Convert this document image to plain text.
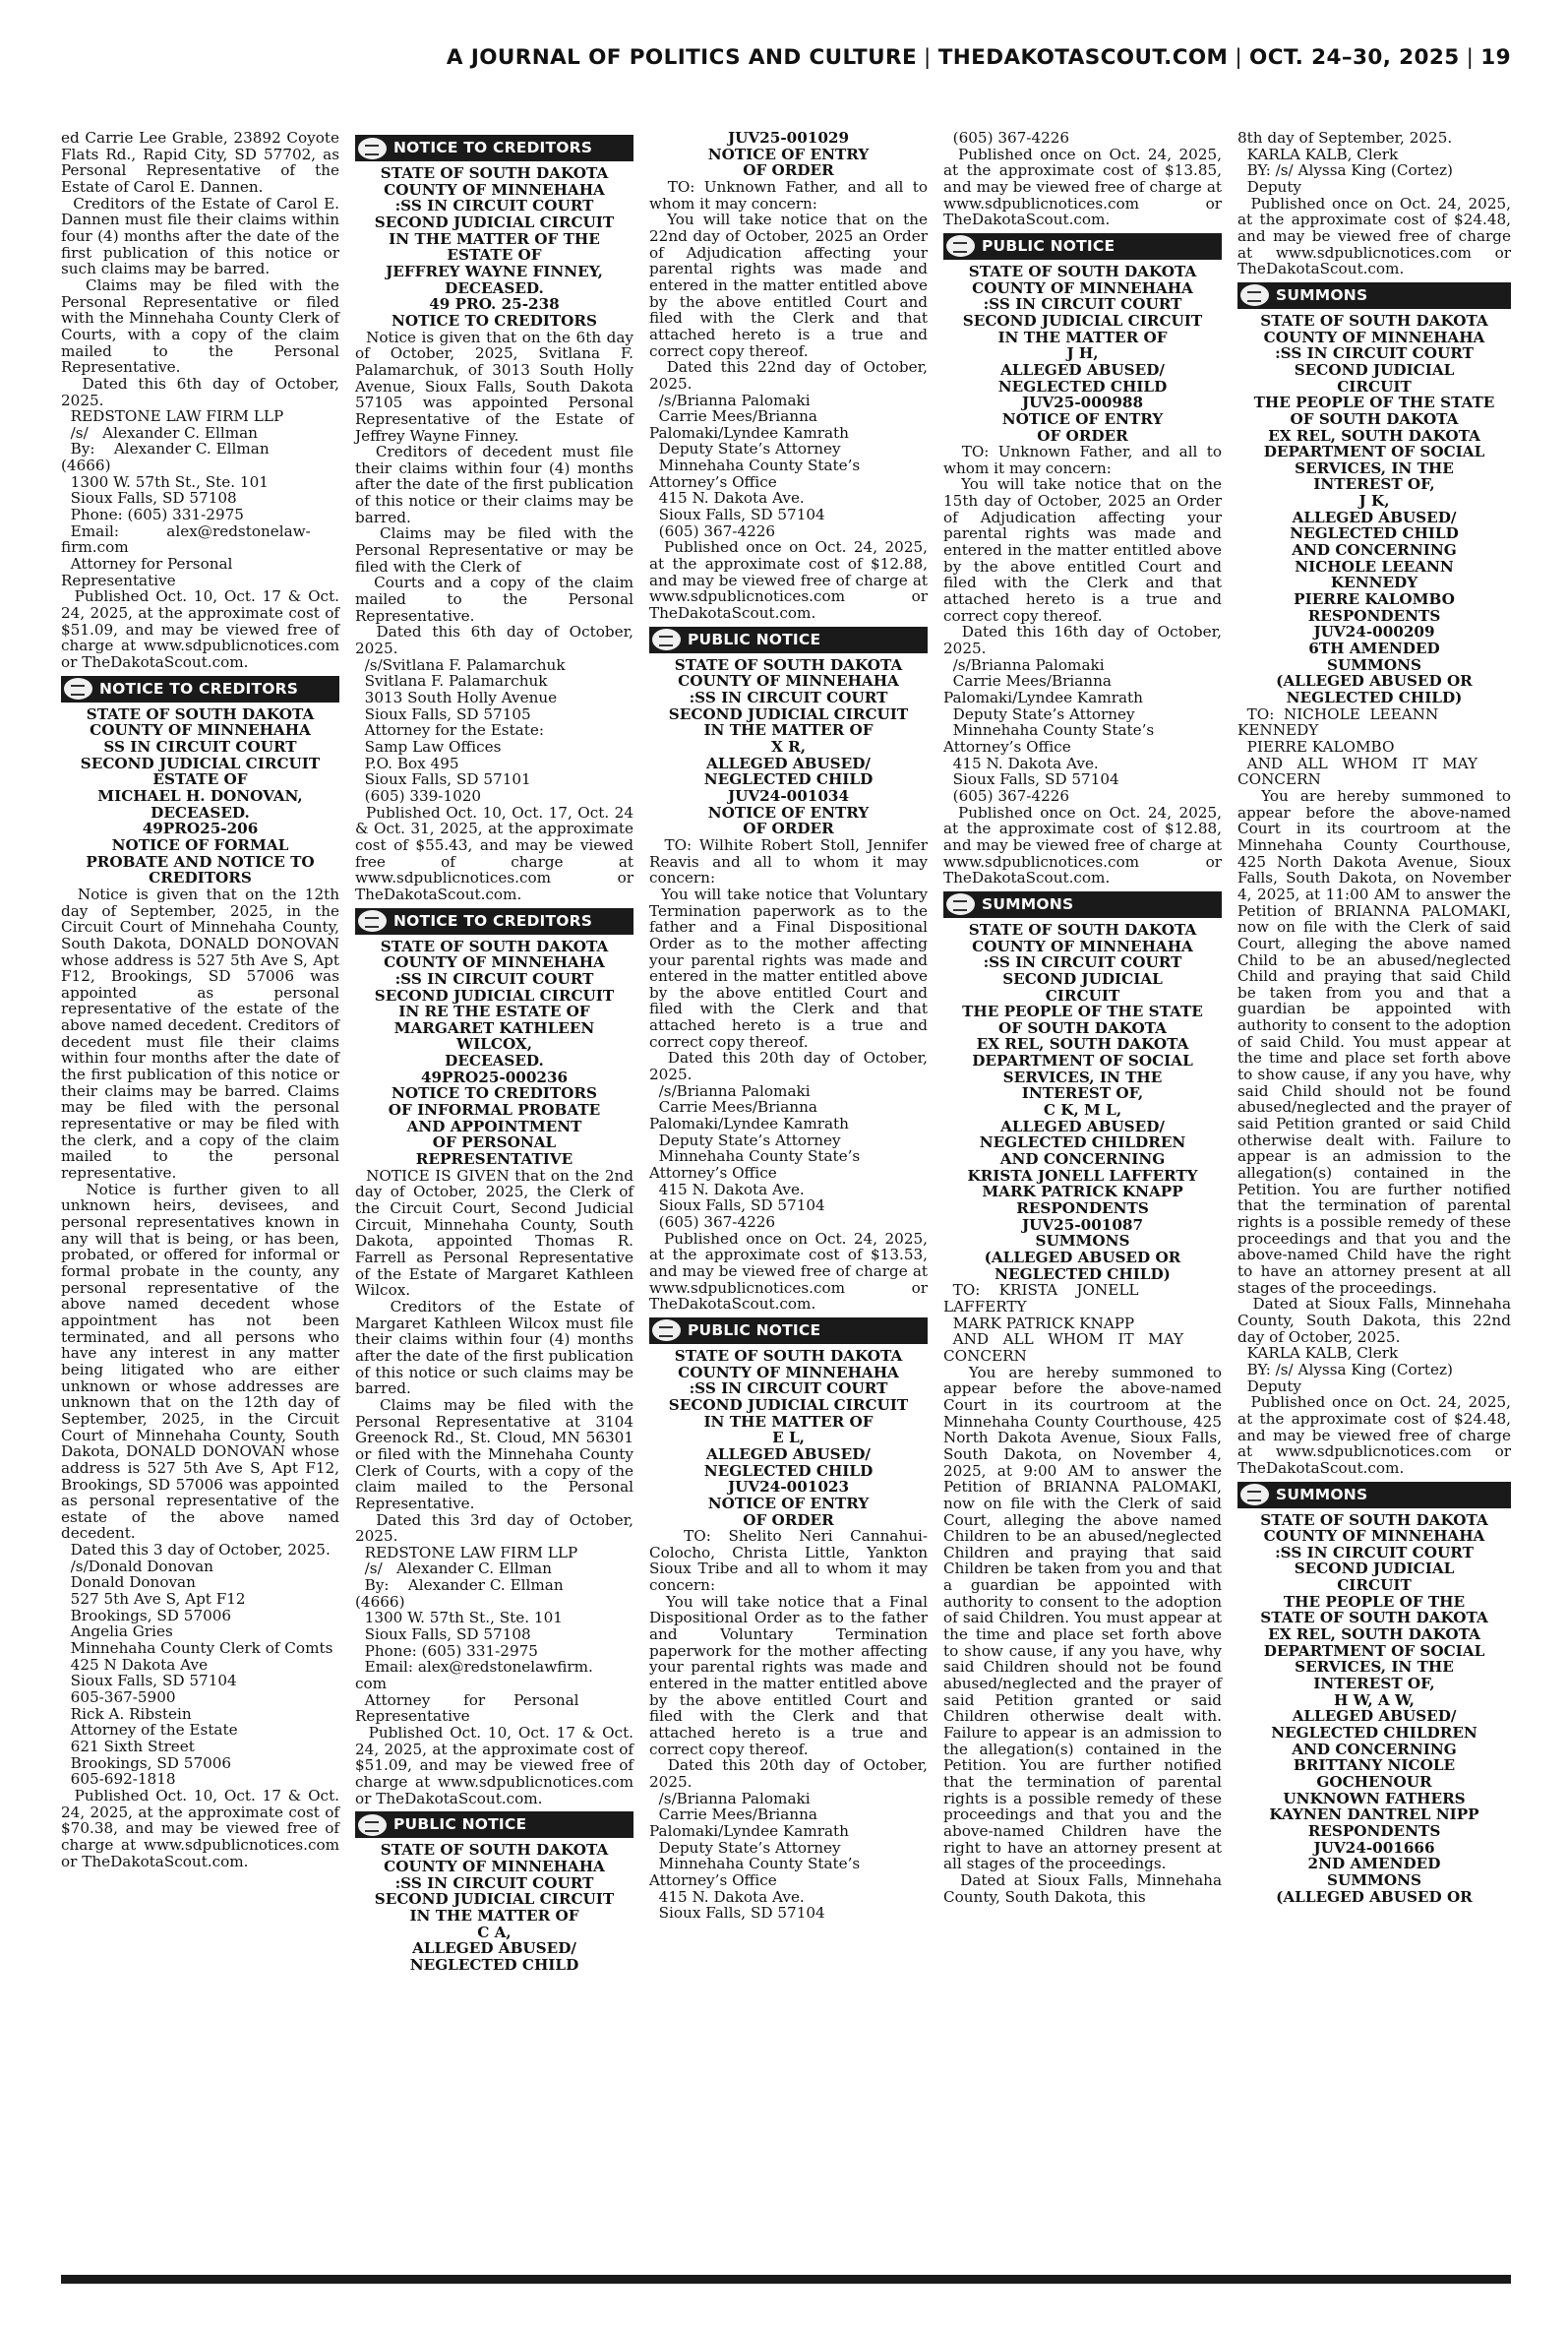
A JOURNAL OF POLITICS AND CULTURE | THEDAKOTASCOUT.COM | OCT. 24–30, 2025 | 19
ed Carrie Lee Grable, 23892 Coyote Flats Rd., Rapid City, SD 57702, as Personal Representative of the Estate of Carol E. Dannen.
Creditors of the Estate of Carol E. Dannen must file their claims within four (4) months after the date of the first publication of this notice or such claims may be barred.
Claims may be filed with the Personal Representative or filed with the Minnehaha County Clerk of Courts, with a copy of the claim mailed to the Personal Representative.
Dated this 6th day of October, 2025.
REDSTONE LAW FIRM LLP
/s/   Alexander C. Ellman
By:    Alexander C. Ellman
(4666)
1300 W. 57th St., Ste. 101
Sioux Falls, SD 57108
Phone: (605) 331-2975
Email:          alex@redstonelaw-
firm.com
Attorney for Personal Representative
Published Oct. 10, Oct. 17 & Oct. 24, 2025, at the approximate cost of $51.09, and may be viewed free of charge at www.sdpublicnotices.com or TheDakotaScout.com.
NOTICE TO CREDITORS
STATE OF SOUTH DAKOTA
COUNTY OF MINNEHAHA
SS IN CIRCUIT COURT
SECOND JUDICIAL CIRCUIT
ESTATE OF
MICHAEL H. DONOVAN,
DECEASED.
49PRO25-206
NOTICE OF FORMAL
PROBATE AND NOTICE TO
CREDITORS
Notice is given that on the 12th day of September, 2025, in the Circuit Court of Minnehaha County, South Dakota, DONALD DONOVAN whose address is 527 5th Ave S, Apt F12, Brookings, SD 57006 was appointed as personal representative of the estate of the above named decedent. Creditors of decedent must file their claims within four months after the date of the first publication of this notice or their claims may be barred. Claims may be filed with the personal representative or may be filed with the clerk, and a copy of the claim mailed to the personal representative.
Notice is further given to all unknown heirs, devisees, and personal representatives known in any will that is being, or has been, probated, or offered for informal or formal probate in the county, any personal representative of the above named decedent whose appointment has not been terminated, and all persons who have any interest in any matter being litigated who are either unknown or whose addresses are unknown that on the 12th day of September, 2025, in the Circuit Court of Minnehaha County, South Dakota, DONALD DONOVAN whose address is 527 5th Ave S, Apt F12, Brookings, SD 57006 was appointed as personal representative of the estate of the above named decedent.
Dated this 3 day of October, 2025.
/s/Donald Donovan
Donald Donovan
527 5th Ave S, Apt F12
Brookings, SD 57006
Angelia Gries
Minnehaha County Clerk of Comts
425 N Dakota Ave
Sioux Falls, SD 57104
605-367-5900
Rick A. Ribstein
Attorney of the Estate
621 Sixth Street
Brookings, SD 57006
605-692-1818
Published Oct. 10, Oct. 17 & Oct. 24, 2025, at the approximate cost of $70.38, and may be viewed free of charge at www.sdpublicnotices.com or TheDakotaScout.com.
NOTICE TO CREDITORS
STATE OF SOUTH DAKOTA
COUNTY OF MINNEHAHA
:SS IN CIRCUIT COURT
SECOND JUDICIAL CIRCUIT
IN THE MATTER OF THE
ESTATE OF
JEFFREY WAYNE FINNEY,
DECEASED.
49 PRO. 25-238
NOTICE TO CREDITORS
Notice is given that on the 6th day of October, 2025, Svitlana F. Palamarchuk, of 3013 South Holly Avenue, Sioux Falls, South Dakota 57105 was appointed Personal Representative of the Estate of Jeffrey Wayne Finney.
Creditors of decedent must file their claims within four (4) months after the date of the first publication of this notice or their claims may be barred.
Claims may be filed with the Personal Representative or may be filed with the Clerk of
Courts and a copy of the claim mailed to the Personal Representative.
Dated this 6th day of October, 2025.
/s/Svitlana F. Palamarchuk
Svitlana F. Palamarchuk
3013 South Holly Avenue
Sioux Falls, SD 57105
Attorney for the Estate:
Samp Law Offices
P.O. Box 495
Sioux Falls, SD 57101
(605) 339-1020
Published Oct. 10, Oct. 17, Oct. 24 & Oct. 31, 2025, at the approximate cost of $55.43, and may be viewed free of charge at www.sdpublicnotices.com or TheDakotaScout.com.
NOTICE TO CREDITORS
STATE OF SOUTH DAKOTA
COUNTY OF MINNEHAHA
:SS IN CIRCUIT COURT
SECOND JUDICIAL CIRCUIT
IN RE THE ESTATE OF
MARGARET KATHLEEN
WILCOX,
DECEASED.
49PRO25-000236
NOTICE TO CREDITORS
OF INFORMAL PROBATE
AND APPOINTMENT
OF PERSONAL
REPRESENTATIVE
NOTICE IS GIVEN that on the 2nd day of October, 2025, the Clerk of the Circuit Court, Second Judicial Circuit, Minnehaha County, South Dakota, appointed Thomas R. Farrell as Personal Representative of the Estate of Margaret Kathleen Wilcox.
Creditors of the Estate of Margaret Kathleen Wilcox must file their claims within four (4) months after the date of the first publication of this notice or such claims may be barred.
Claims may be filed with the Personal Representative at 3104 Greenock Rd., St. Cloud, MN 56301 or filed with the Minnehaha County Clerk of Courts, with a copy of the claim mailed to the Personal Representative.
Dated this 3rd day of October, 2025.
REDSTONE LAW FIRM LLP
/s/   Alexander C. Ellman
By:    Alexander C. Ellman
(4666)
1300 W. 57th St., Ste. 101
Sioux Falls, SD 57108
Phone: (605) 331-2975
Email: alex@redstonelawfirm.
com
Attorney       for      Personal
Representative
Published Oct. 10, Oct. 17 & Oct. 24, 2025, at the approximate cost of $51.09, and may be viewed free of charge at www.sdpublicnotices.com or TheDakotaScout.com.
PUBLIC NOTICE
STATE OF SOUTH DAKOTA
COUNTY OF MINNEHAHA
:SS IN CIRCUIT COURT
SECOND JUDICIAL CIRCUIT
IN THE MATTER OF
C A,
ALLEGED ABUSED/
NEGLECTED CHILD
JUV25-001029
NOTICE OF ENTRY
OF ORDER
TO: Unknown Father, and all to whom it may concern:
You will take notice that on the 22nd day of October, 2025 an Order of Adjudication affecting your parental rights was made and entered in the matter entitled above by the above entitled Court and filed with the Clerk and that attached hereto is a true and correct copy thereof.
Dated this 22nd day of October, 2025.
/s/Brianna Palomaki
Carrie Mees/Brianna Palomaki/Lyndee Kamrath
Deputy State’s Attorney
Minnehaha County State’s Attorney’s Office
415 N. Dakota Ave.
Sioux Falls, SD 57104
(605) 367-4226
Published once on Oct. 24, 2025, at the approximate cost of $12.88, and may be viewed free of charge at www.sdpublicnotices.com or TheDakotaScout.com.
PUBLIC NOTICE
STATE OF SOUTH DAKOTA
COUNTY OF MINNEHAHA
:SS IN CIRCUIT COURT
SECOND JUDICIAL CIRCUIT
IN THE MATTER OF
X R,
ALLEGED ABUSED/
NEGLECTED CHILD
JUV24-001034
NOTICE OF ENTRY
OF ORDER
TO: Wilhite Robert Stoll, Jennifer Reavis and all to whom it may concern:
You will take notice that Voluntary Termination paperwork as to the father and a Final Dispositional Order as to the mother affecting your parental rights was made and entered in the matter entitled above by the above entitled Court and filed with the Clerk and that attached hereto is a true and correct copy thereof.
Dated this 20th day of October, 2025.
/s/Brianna Palomaki
Carrie Mees/Brianna Palomaki/Lyndee Kamrath
Deputy State’s Attorney
Minnehaha County State’s Attorney’s Office
415 N. Dakota Ave.
Sioux Falls, SD 57104
(605) 367-4226
Published once on Oct. 24, 2025, at the approximate cost of $13.53, and may be viewed free of charge at www.sdpublicnotices.com or TheDakotaScout.com.
PUBLIC NOTICE
STATE OF SOUTH DAKOTA
COUNTY OF MINNEHAHA
:SS IN CIRCUIT COURT
SECOND JUDICIAL CIRCUIT
IN THE MATTER OF
E L,
ALLEGED ABUSED/
NEGLECTED CHILD
JUV24-001023
NOTICE OF ENTRY
OF ORDER
TO: Shelito Neri Cannahui-Colocho, Christa Little, Yankton Sioux Tribe and all to whom it may concern:
You will take notice that a Final Dispositional Order as to the father and Voluntary Termination paperwork for the mother affecting your parental rights was made and entered in the matter entitled above by the above entitled Court and filed with the Clerk and that attached hereto is a true and correct copy thereof.
Dated this 20th day of October, 2025.
/s/Brianna Palomaki
Carrie Mees/Brianna Palomaki/Lyndee Kamrath
Deputy State’s Attorney
Minnehaha County State’s Attorney’s Office
415 N. Dakota Ave.
Sioux Falls, SD 57104
(605) 367-4226
Published once on Oct. 24, 2025, at the approximate cost of $13.85, and may be viewed free of charge at www.sdpublicnotices.com or TheDakotaScout.com.
PUBLIC NOTICE
STATE OF SOUTH DAKOTA
COUNTY OF MINNEHAHA
:SS IN CIRCUIT COURT
SECOND JUDICIAL CIRCUIT
IN THE MATTER OF
J H,
ALLEGED ABUSED/
NEGLECTED CHILD
JUV25-000988
NOTICE OF ENTRY
OF ORDER
TO: Unknown Father, and all to whom it may concern:
You will take notice that on the 15th day of October, 2025 an Order of Adjudication affecting your parental rights was made and entered in the matter entitled above by the above entitled Court and filed with the Clerk and that attached hereto is a true and correct copy thereof.
Dated this 16th day of October, 2025.
/s/Brianna Palomaki
Carrie Mees/Brianna Palomaki/Lyndee Kamrath
Deputy State’s Attorney
Minnehaha County State’s Attorney’s Office
415 N. Dakota Ave.
Sioux Falls, SD 57104
(605) 367-4226
Published once on Oct. 24, 2025, at the approximate cost of $12.88, and may be viewed free of charge at www.sdpublicnotices.com or TheDakotaScout.com.
SUMMONS
STATE OF SOUTH DAKOTA
COUNTY OF MINNEHAHA
:SS IN CIRCUIT COURT
SECOND JUDICIAL
CIRCUIT
THE PEOPLE OF THE STATE
OF SOUTH DAKOTA
EX REL, SOUTH DAKOTA
DEPARTMENT OF SOCIAL
SERVICES, IN THE
INTEREST OF,
C K, M L,
ALLEGED ABUSED/
NEGLECTED CHILDREN
AND CONCERNING
KRISTA JONELL LAFFERTY
MARK PATRICK KNAPP
RESPONDENTS
JUV25-001087
SUMMONS
(ALLEGED ABUSED OR
NEGLECTED CHILD)
TO:    KRISTA    JONELL    LAFFERTY
MARK PATRICK KNAPP
AND   ALL   WHOM   IT   MAY CONCERN
You are hereby summoned to appear before the above-named Court in its courtroom at the Minnehaha County Courthouse, 425 North Dakota Avenue, Sioux Falls, South Dakota, on November 4, 2025, at 9:00 AM to answer the Petition of BRIANNA PALOMAKI, now on file with the Clerk of said Court, alleging the above named Children to be an abused/neglected Children and praying that said Children be taken from you and that a guardian be appointed with authority to consent to the adoption of said Children. You must appear at the time and place set forth above to show cause, if any you have, why said Children should not be found abused/neglected and the prayer of said Petition granted or said Children otherwise dealt with. Failure to appear is an admission to the allegation(s) contained in the Petition. You are further notified that the termination of parental rights is a possible remedy of these proceedings and that you and the above-named Children have the right to have an attorney present at all stages of the proceedings.
Dated at Sioux Falls, Minnehaha County, South Dakota, this
8th day of September, 2025.
KARLA KALB, Clerk
BY: /s/ Alyssa King (Cortez)
Deputy
Published once on Oct. 24, 2025, at the approximate cost of $24.48, and may be viewed free of charge at www.sdpublicnotices.com or TheDakotaScout.com.
SUMMONS
STATE OF SOUTH DAKOTA
COUNTY OF MINNEHAHA
:SS IN CIRCUIT COURT
SECOND JUDICIAL
CIRCUIT
THE PEOPLE OF THE STATE
OF SOUTH DAKOTA
EX REL, SOUTH DAKOTA
DEPARTMENT OF SOCIAL
SERVICES, IN THE
INTEREST OF,
J K,
ALLEGED ABUSED/
NEGLECTED CHILD
AND CONCERNING
NICHOLE LEEANN
KENNEDY
PIERRE KALOMBO
RESPONDENTS
JUV24-000209
6TH AMENDED
SUMMONS
(ALLEGED ABUSED OR
NEGLECTED CHILD)
TO:  NICHOLE  LEEANN  KENNEDY
PIERRE KALOMBO
AND   ALL   WHOM   IT   MAY CONCERN
You are hereby summoned to appear before the above-named Court in its courtroom at the Minnehaha County Courthouse, 425 North Dakota Avenue, Sioux Falls, South Dakota, on November 4, 2025, at 11:00 AM to answer the Petition of BRIANNA PALOMAKI, now on file with the Clerk of said Court, alleging the above named Child to be an abused/neglected Child and praying that said Child be taken from you and that a guardian be appointed with authority to consent to the adoption of said Child. You must appear at the time and place set forth above to show cause, if any you have, why said Child should not be found abused/neglected and the prayer of said Petition granted or said Child otherwise dealt with. Failure to appear is an admission to the allegation(s) contained in the Petition. You are further notified that the termination of parental rights is a possible remedy of these proceedings and that you and the above-named Child have the right to have an attorney present at all stages of the proceedings.
Dated at Sioux Falls, Minnehaha County, South Dakota, this 22nd day of October, 2025.
KARLA KALB, Clerk
BY: /s/ Alyssa King (Cortez)
Deputy
Published once on Oct. 24, 2025, at the approximate cost of $24.48, and may be viewed free of charge at www.sdpublicnotices.com or TheDakotaScout.com.
SUMMONS
STATE OF SOUTH DAKOTA
COUNTY OF MINNEHAHA
:SS IN CIRCUIT COURT
SECOND JUDICIAL
CIRCUIT
THE PEOPLE OF THE
STATE OF SOUTH DAKOTA
EX REL, SOUTH DAKOTA
DEPARTMENT OF SOCIAL
SERVICES, IN THE
INTEREST OF,
H W, A W,
ALLEGED ABUSED/
NEGLECTED CHILDREN
AND CONCERNING
BRITTANY NICOLE
GOCHENOUR
UNKNOWN FATHERS
KAYNEN DANTREL NIPP
RESPONDENTS
JUV24-001666
2ND AMENDED
SUMMONS
(ALLEGED ABUSED OR
